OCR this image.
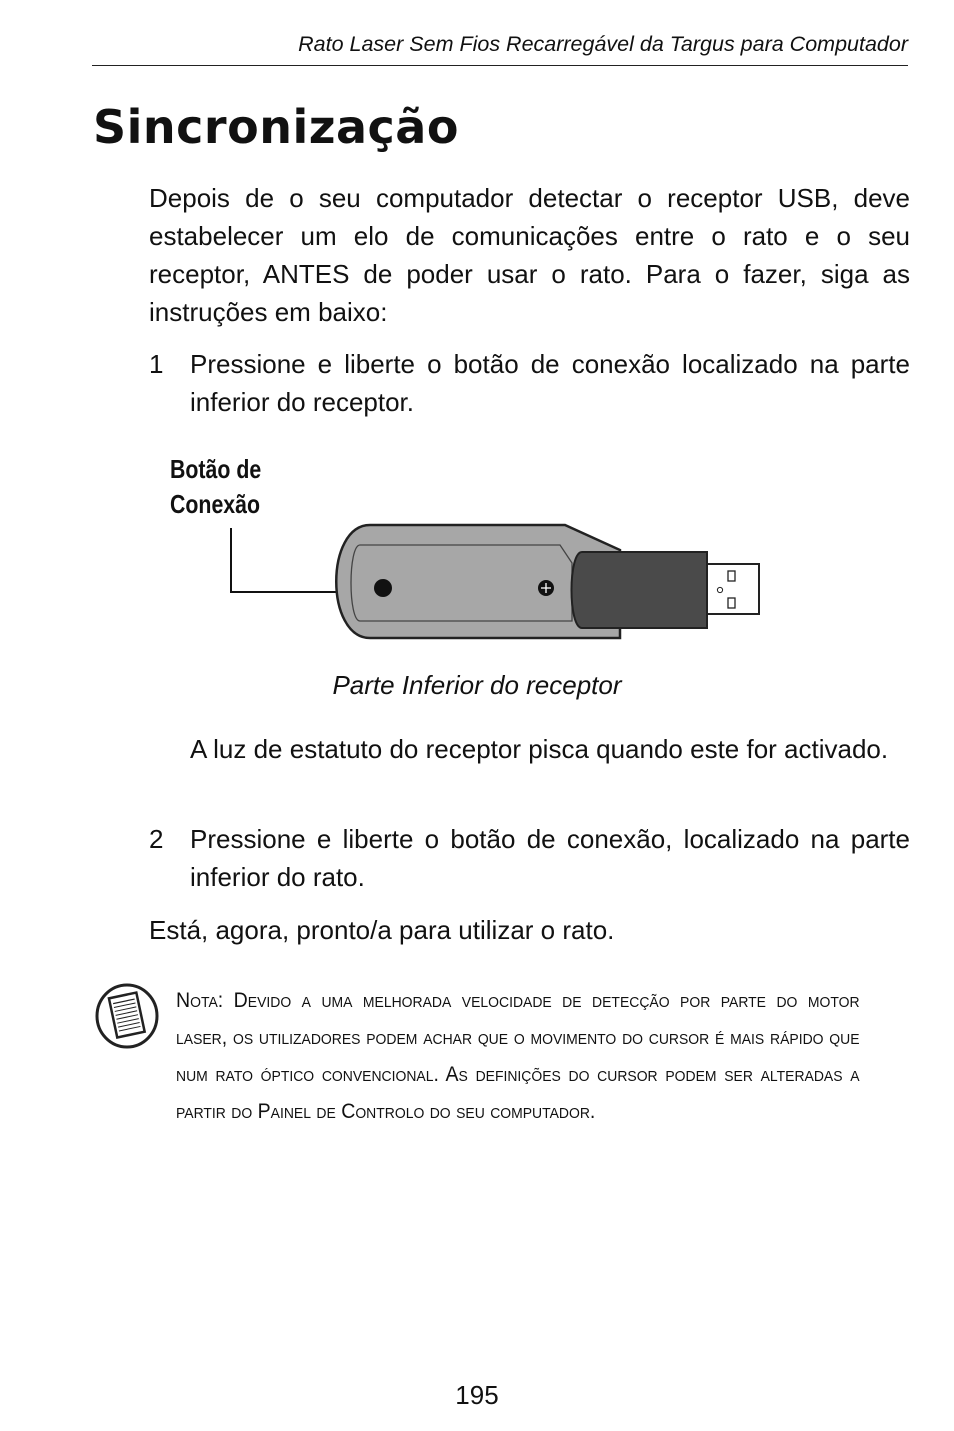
Rato Laser Sem Fios Recarregável da Targus para Computador
Sincronização

Depois de o seu computador detectar o receptor USB, deve estabelecer um elo de comunicações entre o rato e o seu receptor, ANTES de poder usar o rato. Para o fazer, siga as instruções em baixo:

1 Pressione e liberte o botão de conexão localizado na parte inferior do receptor.
Botão de
Conexão
Parte Inferior do receptor
A luz de estatuto do receptor pisca quando este for activado.
2 Pressione e liberte o botão de conexão, localizado na parte inferior do rato.

Está, agora, pronto/a para utilizar o rato.

Nota: Devido a uma melhorada velocidade de detecção por parte do motor laser, os utilizadores podem achar que o movimento do cursor é mais rápido que num rato óptico convencional. As definições do cursor podem ser alteradas a partir do Painel de Controlo do seu computador.
195
